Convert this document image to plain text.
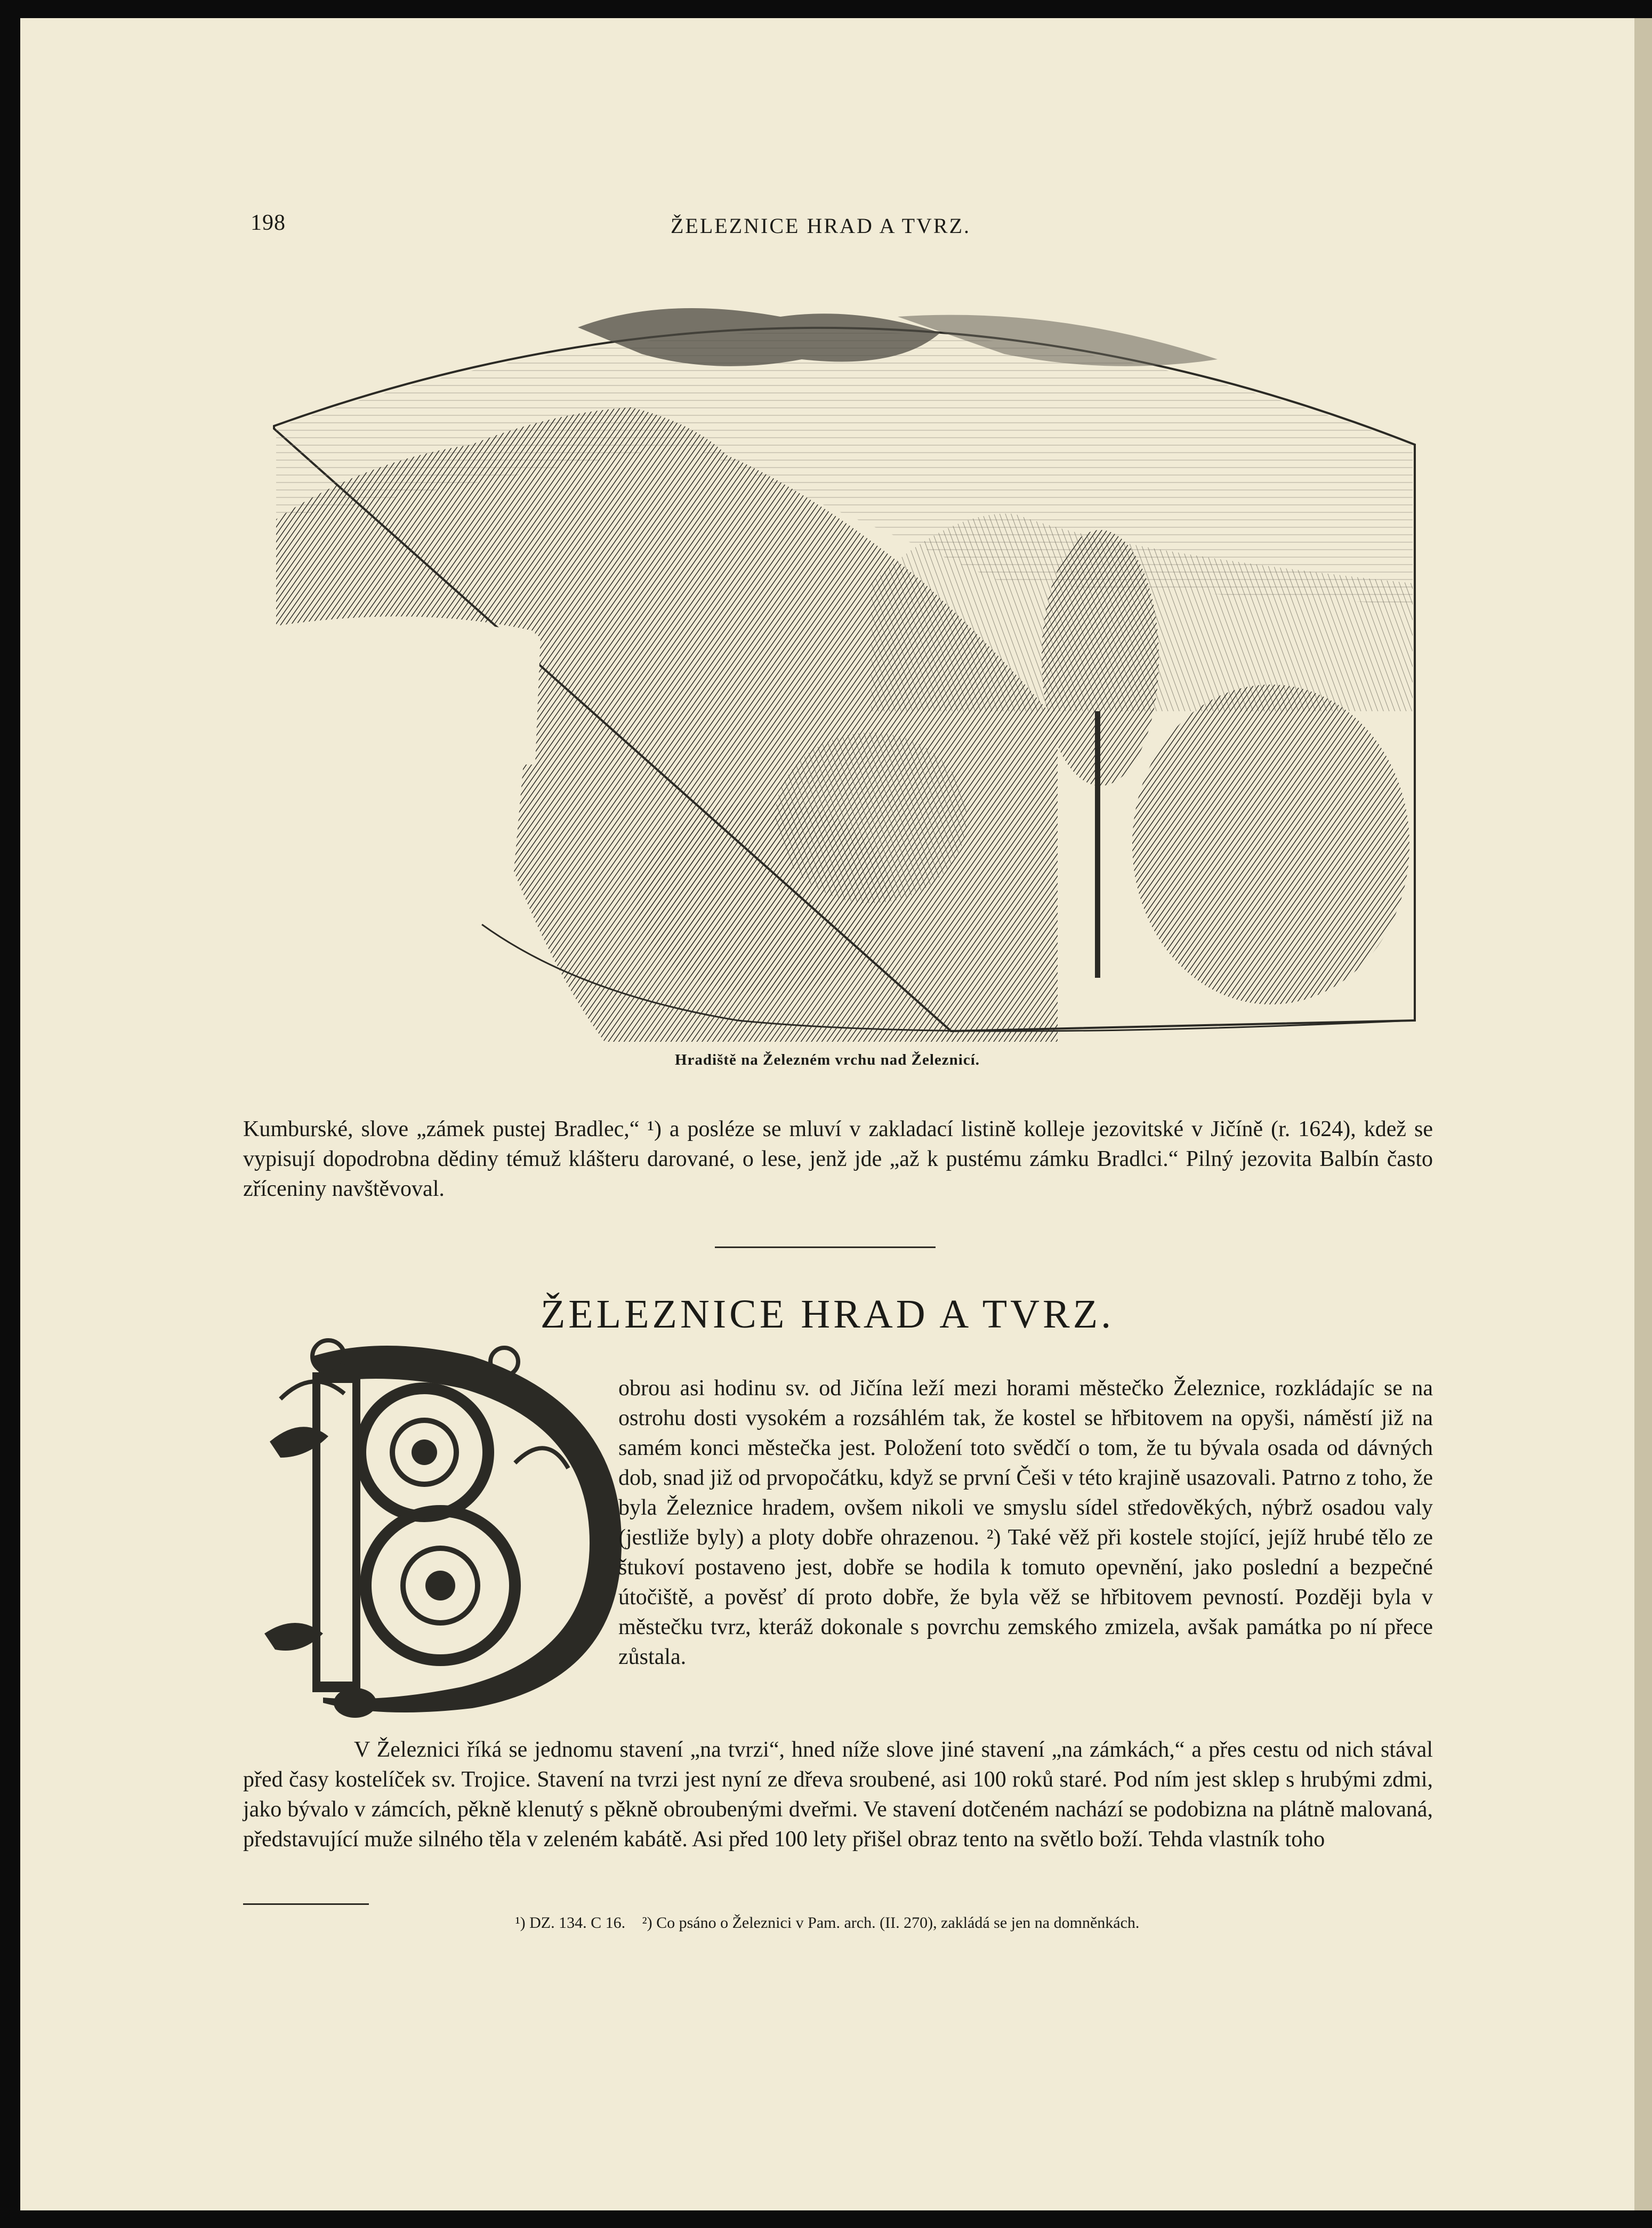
198	ŽELEZNICE HRAD A TVRZ.
Hradiště na Železném vrchu nad Železnicí.

Kumburské, slove „zámek pustej Bradlec,“ ¹) a posléze se mluví v zakladací listině kolleje jezovitské v Jičíně (r. 1624), kdež se vypisují dopodrobna dědiny témuž klášteru darované, o lese, jenž jde „až k pustému zámku Bradlci.“ Pilný jezovita Balbín často zříceniny navštěvoval.

ŽELEZNICE HRAD A TVRZ.

obrou asi hodinu sv. od Jičína leží mezi horami městečko Železnice, rozkládajíc se na ostrohu dosti vysokém a rozsáhlém tak, že kostel se hřbitovem na opyši, náměstí již na samém konci městečka jest. Položení toto svědčí o tom, že tu bývala osada od dávných dob, snad již od prvopočátku, když se první Češi v této krajině usazovali. Patrno z toho, že byla Železnice hradem, ovšem nikoli ve smyslu sídel středověkých, nýbrž osadou valy (jestliže byly) a ploty dobře ohrazenou. ²) Také věž při kostele stojící, jejíž hrubé tělo ze štukoví postaveno jest, dobře se hodila k tomuto opevnění, jako poslední a bezpečné útočiště, a pověsť dí proto dobře, že byla věž se hřbitovem pevností. Později byla v městečku tvrz, kteráž dokonale s povrchu zemského zmizela, avšak památka po ní přece zůstala.

V Železnici říká se jednomu stavení „na tvrzi“, hned níže slove jiné stavení „na zámkách,“ a přes cestu od nich stával před časy kostelíček sv. Trojice. Stavení na tvrzi jest nyní ze dřeva sroubené, asi 100 roků staré. Pod ním jest sklep s hrubými zdmi, jako bývalo v zámcích, pěkně klenutý s pěkně obroubenými dveřmi. Ve stavení dotčeném nachází se podobizna na plátně malovaná, představující muže silného těla v zeleném kabátě. Asi před 100 lety přišel obraz tento na světlo boží. Tehda vlastník toho

¹) DZ. 134. C 16. ²) Co psáno o Železnici v Pam. arch. (II. 270), zakládá se jen na domněnkách.
